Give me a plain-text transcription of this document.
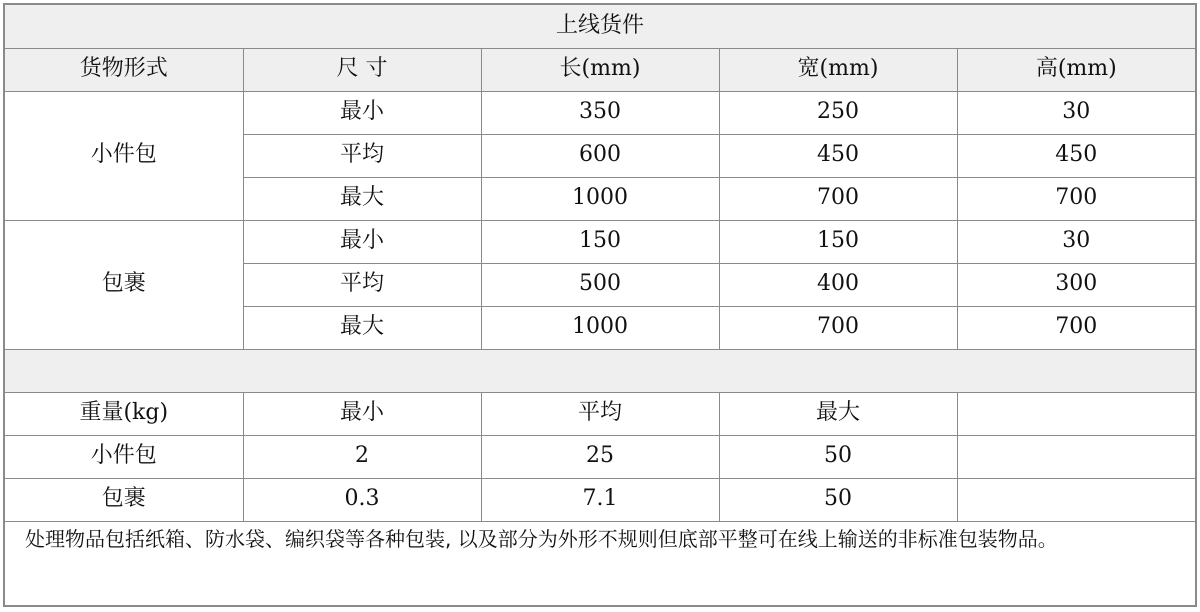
上线货件				
货物形式	尺 寸	长(mm)	宽(mm)	高(mm)
小件包	最小	350	250	30
	平均	600	450	450
	最大	1000	700	700
包裹	最小	150	150	30
	平均	500	400	300
	最大	1000	700	700

重量(kg)	最小	平均	最大	
小件包	2	25	50	
包裹	0.3	7.1	50	
处理物品包括纸箱、防水袋、编织袋等各种包装, 以及部分为外形不规则但底部平整可在线上输送的非标准包装物品。
